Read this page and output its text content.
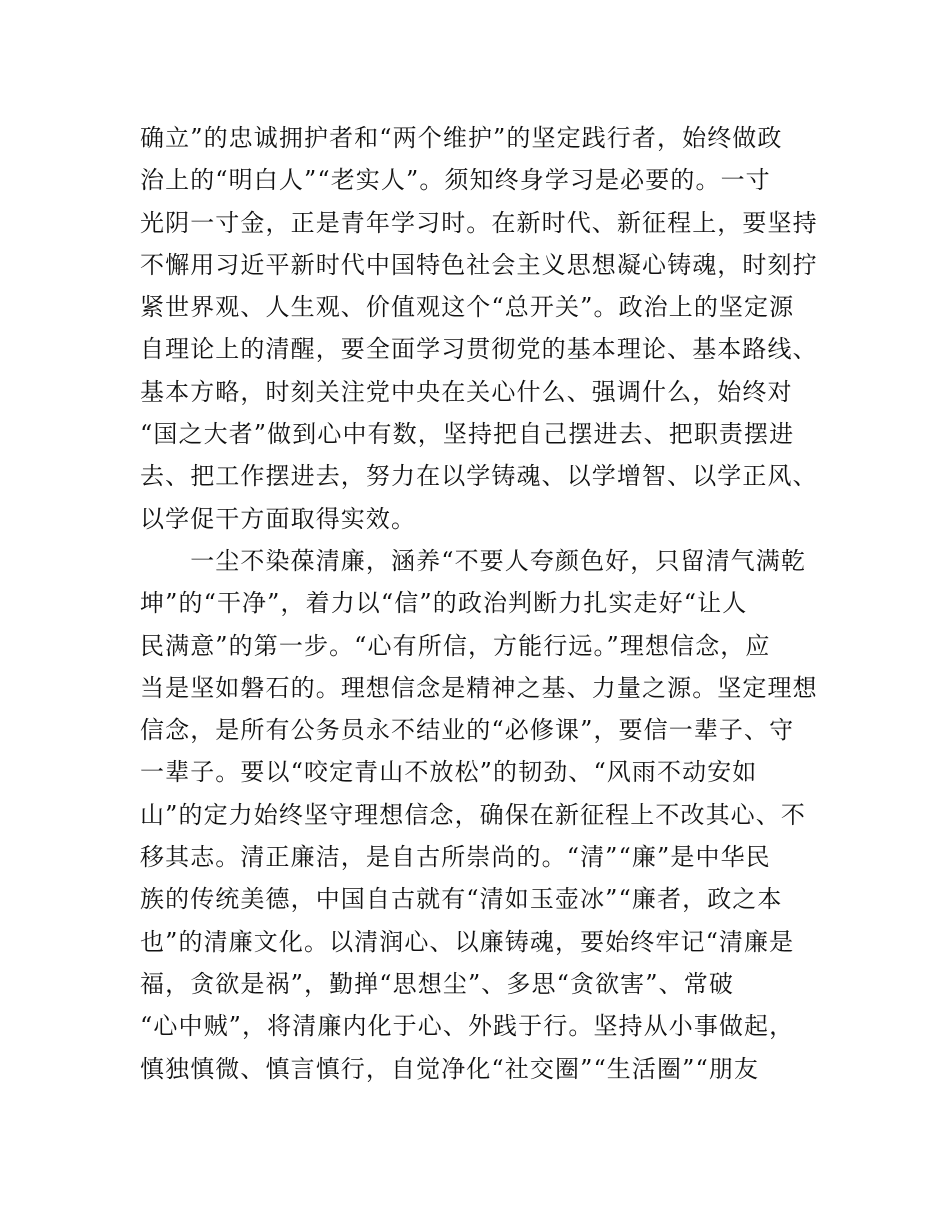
确立”的忠诚拥护者和“两个维护”的坚定践行者，始终做政
治上的“明白人”“老实人”。须知终身学习是必要的。一寸
光阴一寸金，正是青年学习时。在新时代、新征程上，要坚持
不懈用习近平新时代中国特色社会主义思想凝心铸魂，时刻拧
紧世界观、人生观、价值观这个“总开关”。政治上的坚定源
自理论上的清醒，要全面学习贯彻党的基本理论、基本路线、
基本方略，时刻关注党中央在关心什么、强调什么，始终对
“国之大者”做到心中有数，坚持把自己摆进去、把职责摆进
去、把工作摆进去，努力在以学铸魂、以学增智、以学正风、
以学促干方面取得实效。
　　一尘不染葆清廉，涵养“不要人夸颜色好，只留清气满乾
坤”的“干净”，着力以“信”的政治判断力扎实走好“让人
民满意”的第一步。“心有所信，方能行远。”理想信念，应
当是坚如磐石的。理想信念是精神之基、力量之源。坚定理想
信念，是所有公务员永不结业的“必修课”，要信一辈子、守
一辈子。要以“咬定青山不放松”的韧劲、“风雨不动安如
山”的定力始终坚守理想信念，确保在新征程上不改其心、不
移其志。清正廉洁，是自古所崇尚的。“清”“廉”是中华民
族的传统美德，中国自古就有“清如玉壶冰”“廉者，政之本
也”的清廉文化。以清润心、以廉铸魂，要始终牢记“清廉是
福，贪欲是祸”，勤掸“思想尘”、多思“贪欲害”、常破
“心中贼”，将清廉内化于心、外践于行。坚持从小事做起，
慎独慎微、慎言慎行，自觉净化“社交圈”“生活圈”“朋友
